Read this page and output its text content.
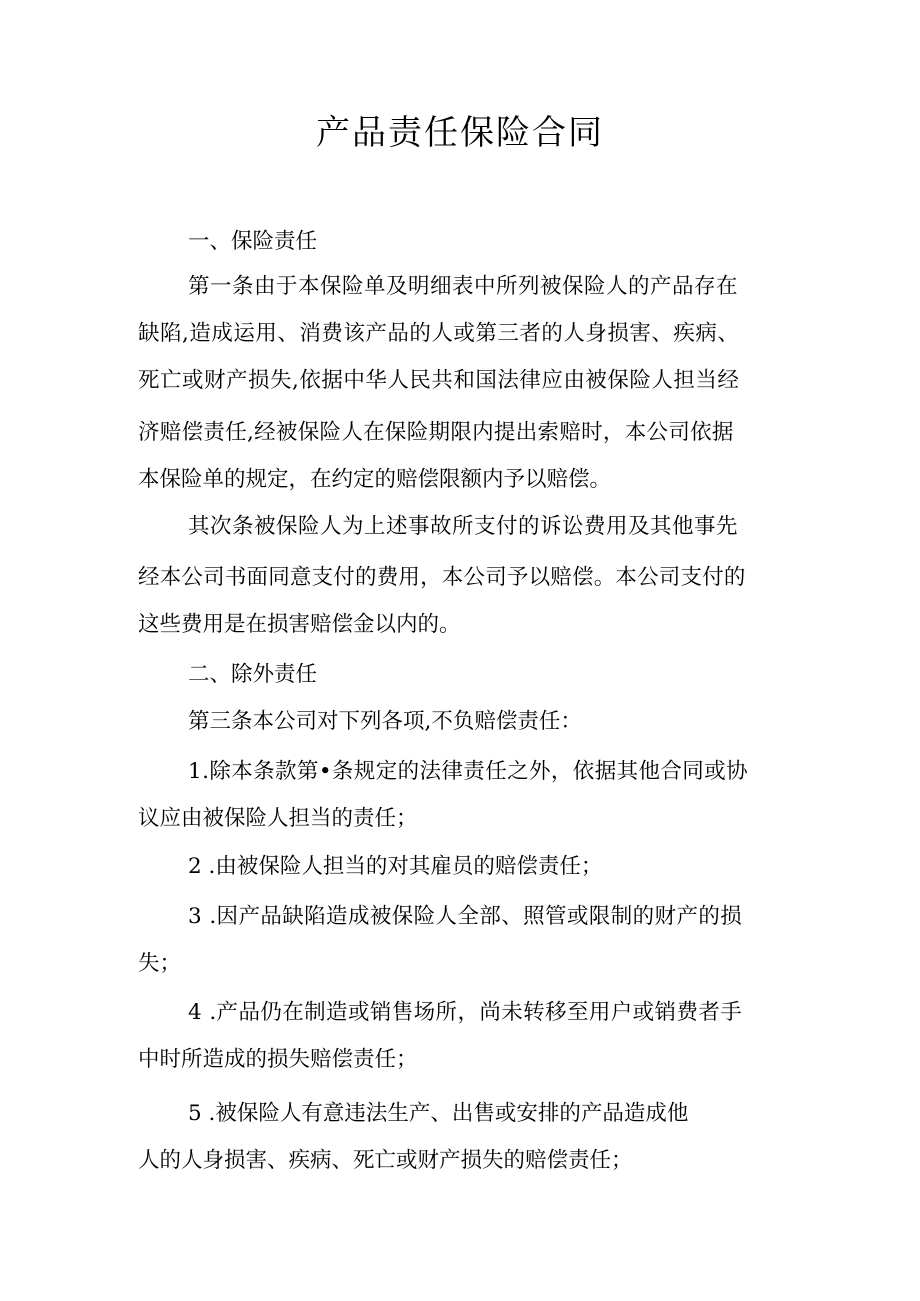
产品责任保险合同

一、保险责任

第一条由于本保险单及明细表中所列被保险人的产品存在

缺陷,造成运用、消费该产品的人或第三者的人身损害、疾病、

死亡或财产损失,依据中华人民共和国法律应由被保险人担当经

济赔偿责任,经被保险人在保险期限内提出索赔时，本公司依据

本保险单的规定，在约定的赔偿限额内予以赔偿。

其次条被保险人为上述事故所支付的诉讼费用及其他事先

经本公司书面同意支付的费用，本公司予以赔偿。本公司支付的

这些费用是在损害赔偿金以内的。

二、除外责任

第三条本公司对下列各项,不负赔偿责任：

1.除本条款第•条规定的法律责任之外，依据其他合同或协

议应由被保险人担当的责任；

2 .由被保险人担当的对其雇员的赔偿责任；

3 .因产品缺陷造成被保险人全部、照管或限制的财产的损

失；

4 .产品仍在制造或销售场所，尚未转移至用户或销费者手

中时所造成的损失赔偿责任；

5 .被保险人有意违法生产、出售或安排的产品造成他

人的人身损害、疾病、死亡或财产损失的赔偿责任；
